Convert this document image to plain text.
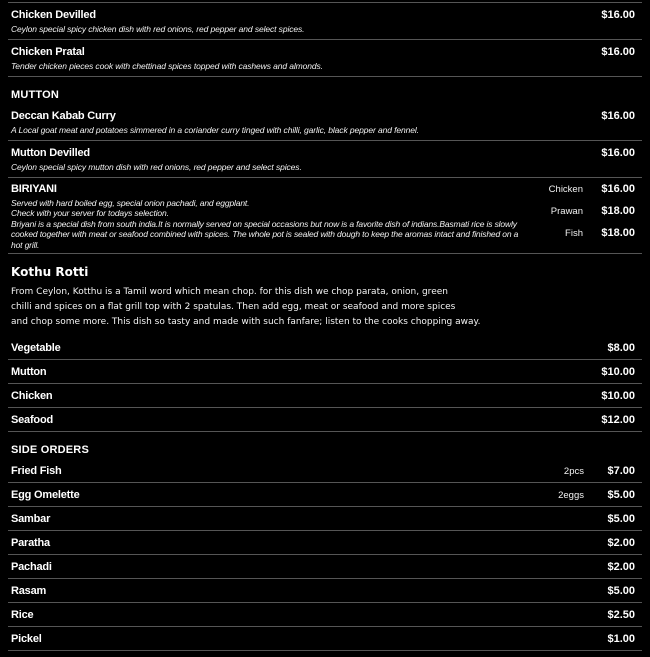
Chicken Devilled	$16.00
Ceylon special spicy chicken dish with red onions, red pepper and select spices.
Chicken Pratal	$16.00
Tender chicken pieces cook with chettinad spices topped with cashews and almonds.
MUTTON
Deccan Kabab Curry	$16.00
A Local goat meat and potatoes simmered in a coriander curry tinged with chilli, garlic, black pepper and fennel.
Mutton Devilled	$16.00
Ceylon special spicy mutton dish with red onions, red pepper and select spices.
BIRIYANI	Chicken	$16.00
Prawan	$18.00
Fish	$18.00
Served with hard boiled egg, special onion pachadi, and eggplant.
Check with your server for todays selection.
Briyani is a special dish from south india.It is normally served on special occasions but now is a favorite dish of indians.Basmati rice is slowly
cooked together with meat or seafood combined with spices. The whole pot is sealed with dough to keep the aromas intact and finished on a
hot grill.
Kothu Rotti
From Ceylon, Kotthu is a Tamil word which mean chop. for this dish we chop parata, onion, green
chilli and spices on a flat grill top with 2 spatulas. Then add egg, meat or seafood and more spices
and chop some more. This dish so tasty and made with such fanfare; listen to the cooks chopping away.
Vegetable	$8.00
Mutton	$10.00
Chicken	$10.00
Seafood	$12.00
SIDE ORDERS
Fried Fish	2pcs	$7.00
Egg Omelette	2eggs	$5.00
Sambar	$5.00
Paratha	$2.00
Pachadi	$2.00
Rasam	$5.00
Rice	$2.50
Pickel	$1.00
